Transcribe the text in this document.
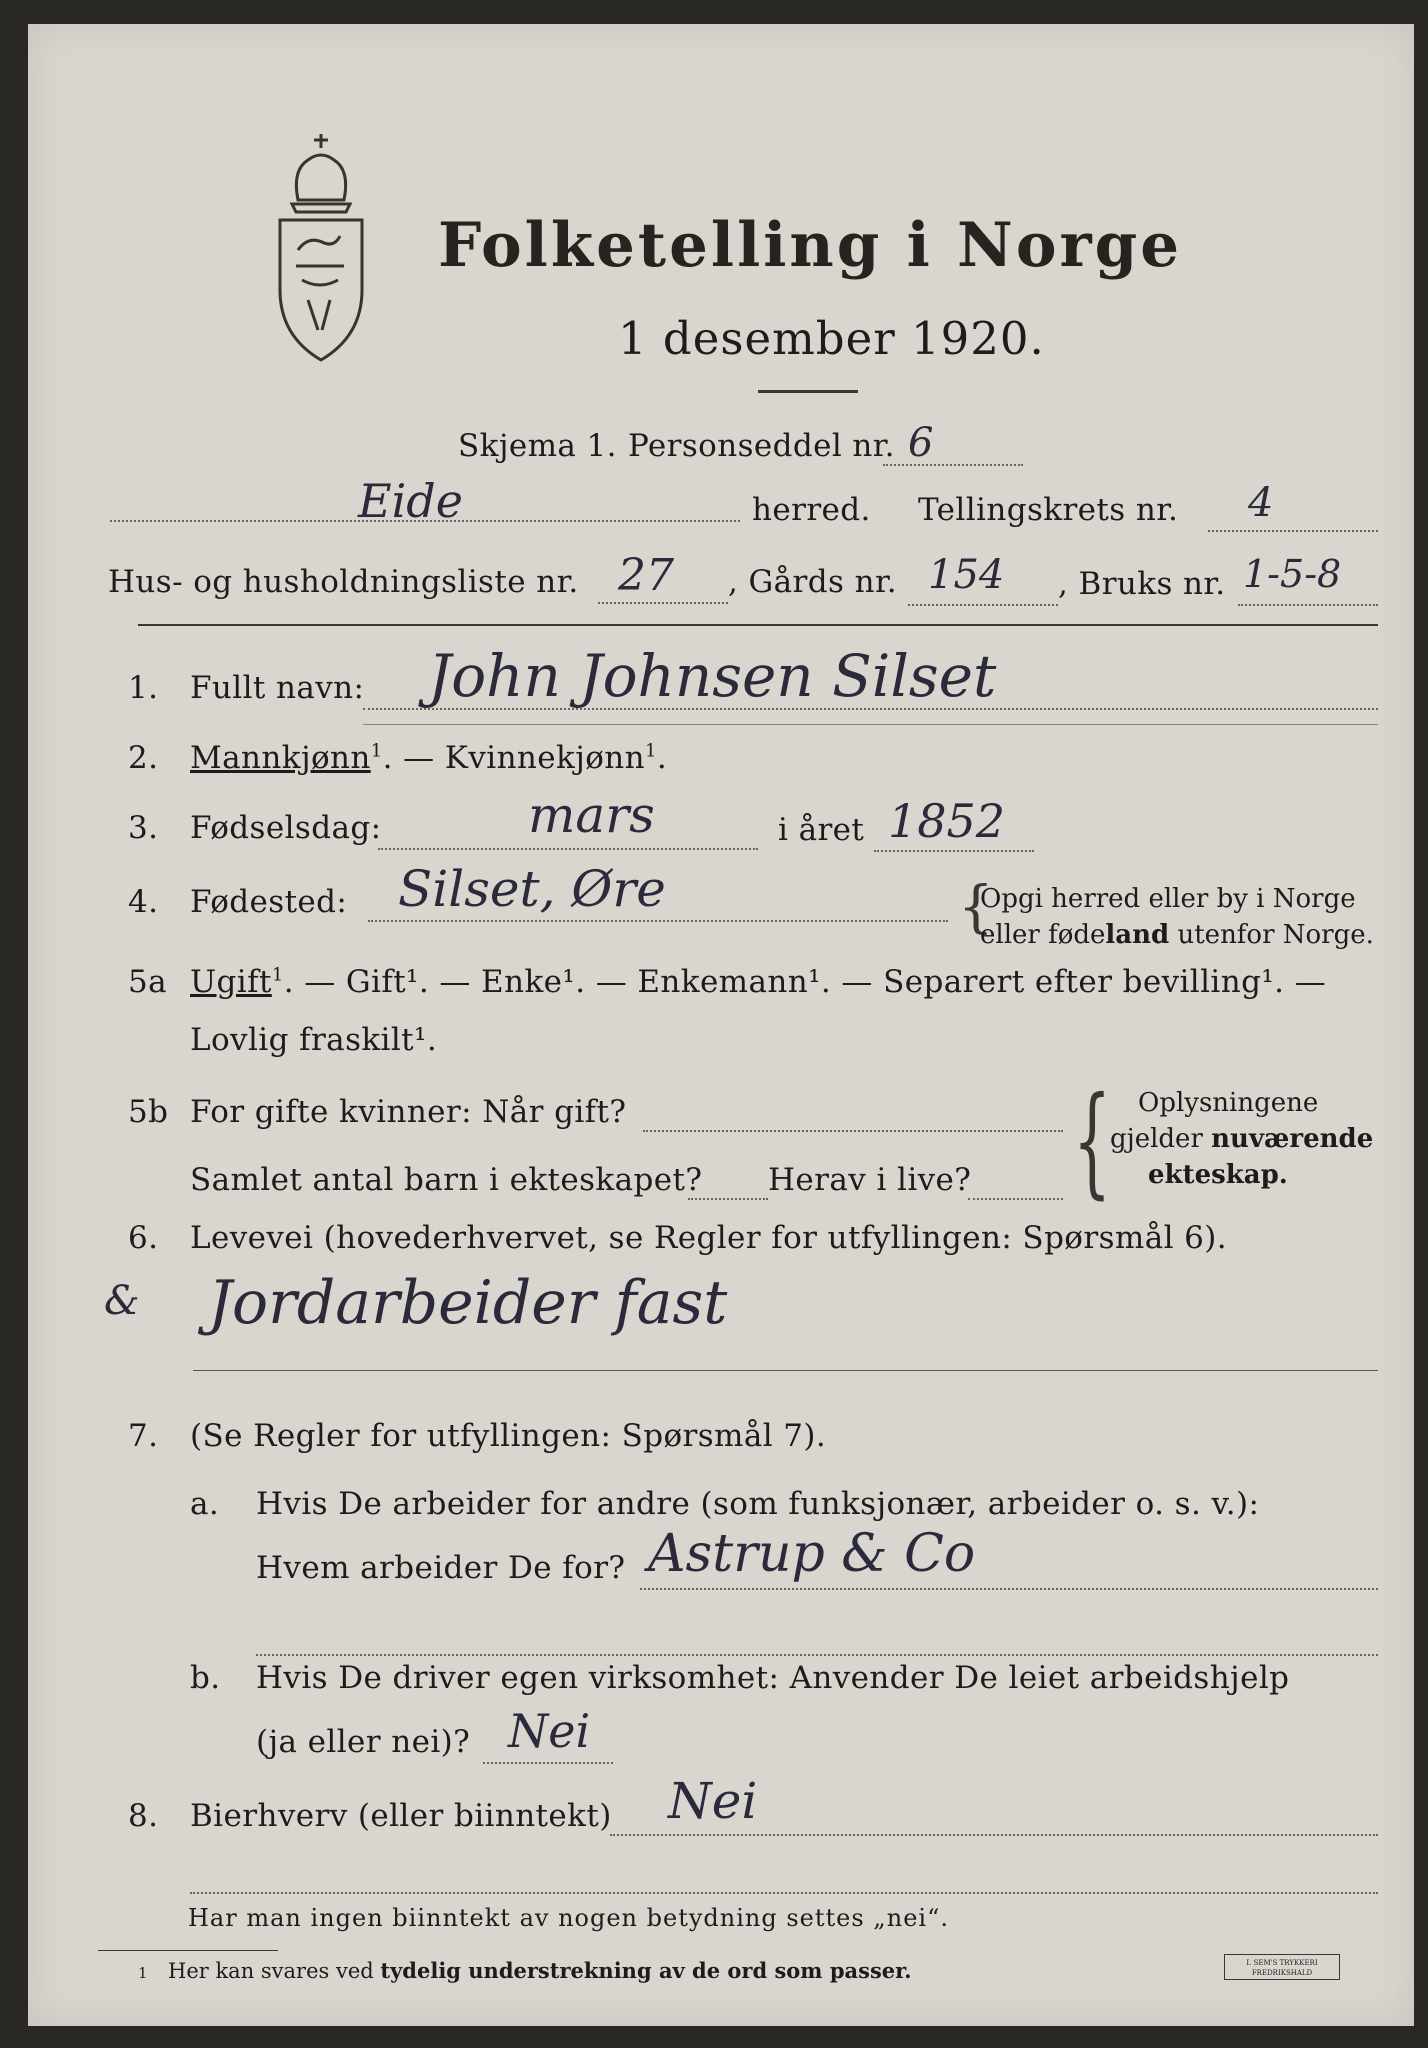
Folketelling i Norge
1 desember 1920.
Skjema 1. Personseddel nr. 6
Eide	herred. Tellingskrets nr. 4
Hus- og husholdningsliste nr. 27 , Gårds nr. 154 , Bruks nr. 1-5-8
1. Fullt navn: John Johnsen Silset
2. Mannkjønn$^1$. — Kvinnekjønn$^1$.
3. Fødselsdag:	mars	i året 1852
4. Fødested: Silset, Øre	{
Opgi herred eller by i Norge
eller fødeland utenfor Norge.
5a Ugift$^1$. — Gift¹. — Enke¹. — Enkemann¹. — Separert efter bevilling¹. —
Lovlig fraskilt¹.
5b For gifte kvinner: Når gift?
Samlet antal barn i ekteskapet? Herav i live? { Oplysningene
gjelder nuværende
ekteskap.
6. Levevei (hovederhvervet, se Regler for utfyllingen: Spørsmål 6).
& Jordarbeider fast
7. (Se Regler for utfyllingen: Spørsmål 7).
a. Hvis De arbeider for andre (som funksjonær, arbeider o. s. v.):
Hvem arbeider De for? Astrup & Co
b. Hvis De driver egen virksomhet: Anvender De leiet arbeidshjelp
(ja eller nei)? Nei
8. Bierhverv (eller biinntekt) Nei
Har man ingen biinntekt av nogen betydning settes „nei“.
1 Her kan svares ved tydelig understrekning av de ord som passer.	I. SEM'S TRYKKERI
FREDRIKSHALD
